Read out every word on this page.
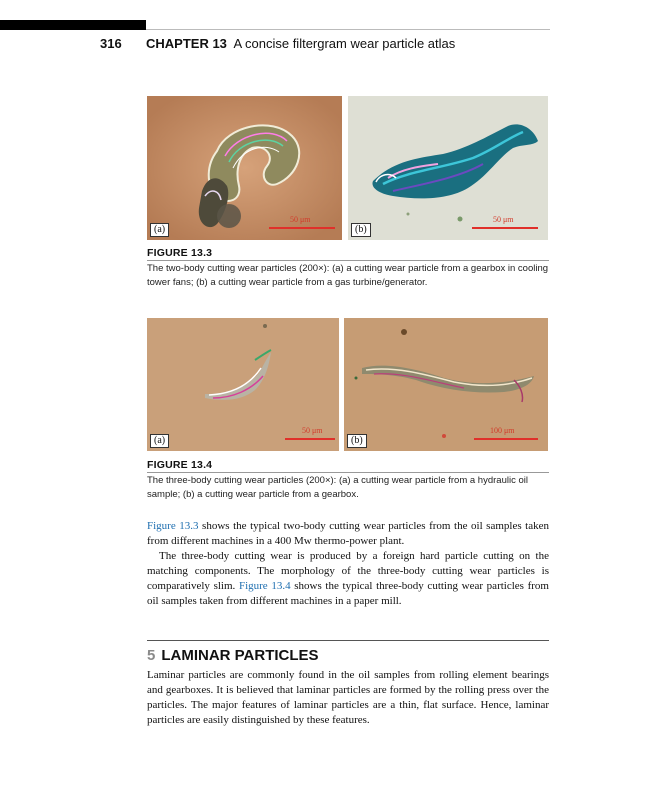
316 CHAPTER 13 A concise filtergram wear particle atlas
(a)
50 μm
(b)
50 μm
FIGURE 13.3
The two-body cutting wear particles (200×): (a) a cutting wear particle from a gearbox in cooling tower fans; (b) a cutting wear particle from a gas turbine/generator.
(a)
50 μm
(b)
100 μm
FIGURE 13.4
The three-body cutting wear particles (200×): (a) a cutting wear particle from a hydraulic oil sample; (b) a cutting wear particle from a gearbox.

Figure 13.3 shows the typical two-body cutting wear particles from the oil samples taken from different machines in a 400 Mw thermo-power plant.

The three-body cutting wear is produced by a foreign hard particle cutting on the matching components. The morphology of the three-body cutting wear particles is comparatively slim. Figure 13.4 shows the typical three-body cutting wear particles from oil samples taken from different machines in a paper mill.

5 LAMINAR PARTICLES
Laminar particles are commonly found in the oil samples from rolling element bearings and gearboxes. It is believed that laminar particles are formed by the rolling press over the particles. The major features of laminar particles are a thin, flat surface. Hence, laminar particles are easily distinguished by these features.
